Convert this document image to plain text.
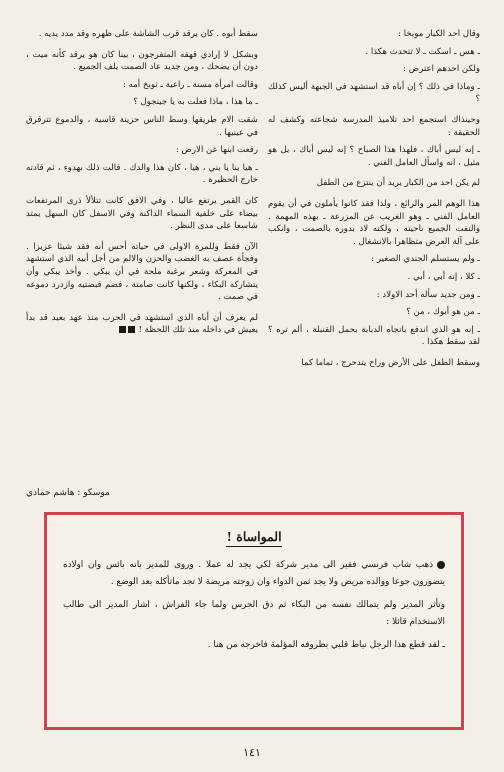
وقال احد الكبار موبخا :

ـ هس ـ اسكت ـ لا تتحدث هكذا .

ولكن احدهم اعترض :

ـ وماذا في ذلك ؟ إن أباه قد استشهد في الجبهة أليس كذلك ؟

وحينذاك استجمع احد تلاميذ المدرسة شجاعته وكشف له الحقيقة :

ـ إنه ليس أباك ، فلهذا هذا الصباح ؟ إنه ليس أباك ، بل هو مثيل ، انه واسأل العامل الفني .

لم يكن احد من الكبار يريد أن ينتزع من الطفل

هذا الوهم المر والرائع ، ولذا فقد كانوا يأملون في أن يقوم العامل الفني ـ وهو الغريب عن المزرعة ـ بهذه المهمة . والتفت الجميع ناحيته ، ولكنه لاذ بدوره بالصمت ، وانكب على آلة العرض متظاهرا بالانشغال .

ـ ولم يستسلم الجندي الصغير :

ـ كلا ، إنه أبي ، أبي .

ـ ومن جديد سأله أحد الاولاد :

ـ من هو أبوك ، من ؟

ـ إنه هو الذي اندفع باتجاه الدبابة بحمل القنبلة ، ألم تره ؟ لقد سقط هكذا .

وسقط الطفل على الأرض وراح يتدحرج ، تماما كما

سقط أبوه . كان يرقد قرب الشاشة على ظهره وقد مدد يديه .

وبشكل لا إرادي قهقه المتفرجون ، بينا كان هو يرقد كأنه ميت ، دون أن يضحك ، ومن جديد عاد الصمت يلف الجميع .

وقالت امرأة مسنة ـ راعية ـ توبخ أمه :

ـ ما هذا ، ماذا فعلت به يا جينجول ؟

شقت الام طريقها وسط الناس حزينة قاسية ، والدموع تترقرق في عينيها .

رفعت ابنها عن الارض :

ـ هيا بنا يا بني ، هيا ، كان هذا والدك . قالت ذلك بهدوء ، ثم قادته خارج الحظيرة .

كان القمر يرتفع عاليا ، وفي الافق كانت تتلألأ ذرى المرتفعات بيضاء على خلفية السماء الداكنة وفي الاسفل كان السهل يمتد شاسعا على مدى النظر .

الآن فقط وللمرة الاولى في حياته أحس أنه فقد شيئا عزيزا . وفجأة عصف به الغضب والحزن والالم من أجل أبيه الذي استشهد في المعركة وشعر برغبة ملحة في أن يبكي . وأخذ يبكي وأن يتشاركه البكاء ، ولكنها كانت صامتة ، فضم قبضتيه وازدرد دموعه في صمت .

لم يعرف أن أباه الذي استشهد في الحرب منذ عهد بعيد قد بدأ يعيش في داخله منذ تلك اللحظة !

موسكو : هاشم حمادي
المواساة !

ذهب شاب فرنسي فقير الى مدير شركة لكي يجد له عملا . وروى للمدير بانه بائس وان اولاده يتضورون جوعا ووالده مريض ولا يجد ثمن الدواء وان زوجته مريضة لا تجد ماتأكله بعد الوضع .

وتأثر المدير ولم يتمالك نفسه من البكاء ثم دق الجرس ولما جاء الفراش ، اشار المدير الى طالب الاستخدام قائلا :

ـ لقد قطع هذا الرجل نياط قلبي بظروفه المؤلمة فاخرجه من هنا .

١٤١
